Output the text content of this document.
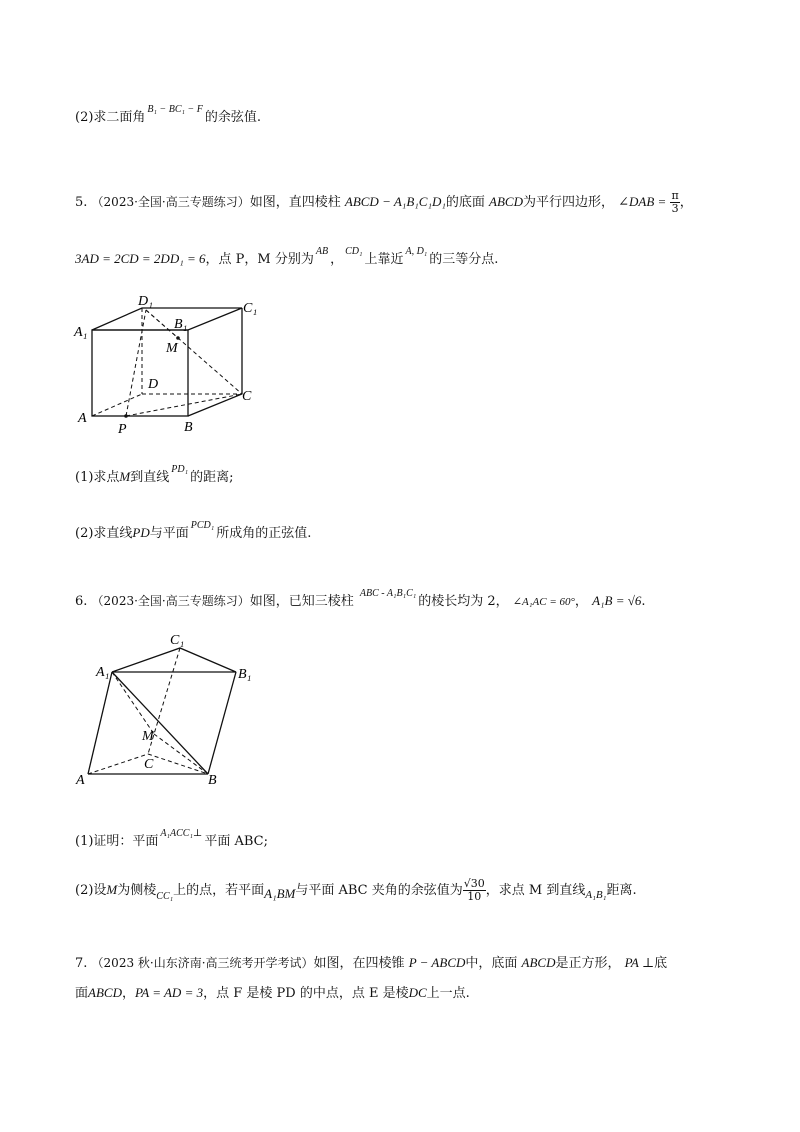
(2)求二面角$^{B_1 - BC_1 - F}$的余弦值.
5. （2023·全国·高三专题练习）如图，直四棱柱 ABCD − A₁B₁C₁D₁的底面 ABCD为平行四边形， ∠DAB = $\frac{\pi}{3}$ ，
3AD = 2CD = 2DD₁ = 6，点 P，M 分别为$^{AB}$，$^{CD_1}$上靠近$^{A, D_1}$的三等分点.
D₁	C₁
A₁
B₁
M
D
C
A
P	B
(1)求点M到直线$^{PD_1}$的距离;
(2)求直线PD与平面$^{PCD_1}$所成角的正弦值.
6. （2023·全国·高三专题练习）如图，已知三棱柱 $^{ABC - A_1B_1C_1}$的棱长均为 2， ∠A₁AC = 60°， A₁B = √6.
C₁
A₁	B₁
M
C
A	B
(1)证明：平面$^{A_1ACC_1\perp}$平面 ABC;
(2)设M为侧棱$_{CC_1}$上的点，若平面A₁BM与平面 ABC 夹角的余弦值为 $\frac{√30}{10}$ ，求点 M 到直线$_{A_1B_1}$距离.
7. （2023 秋·山东济南·高三统考开学考试）如图，在四棱锥 P − ABCD中，底面 ABCD是正方形， PA ⊥底
面ABCD，PA = AD = 3，点 F 是棱 PD 的中点，点 E 是棱DC上一点.
